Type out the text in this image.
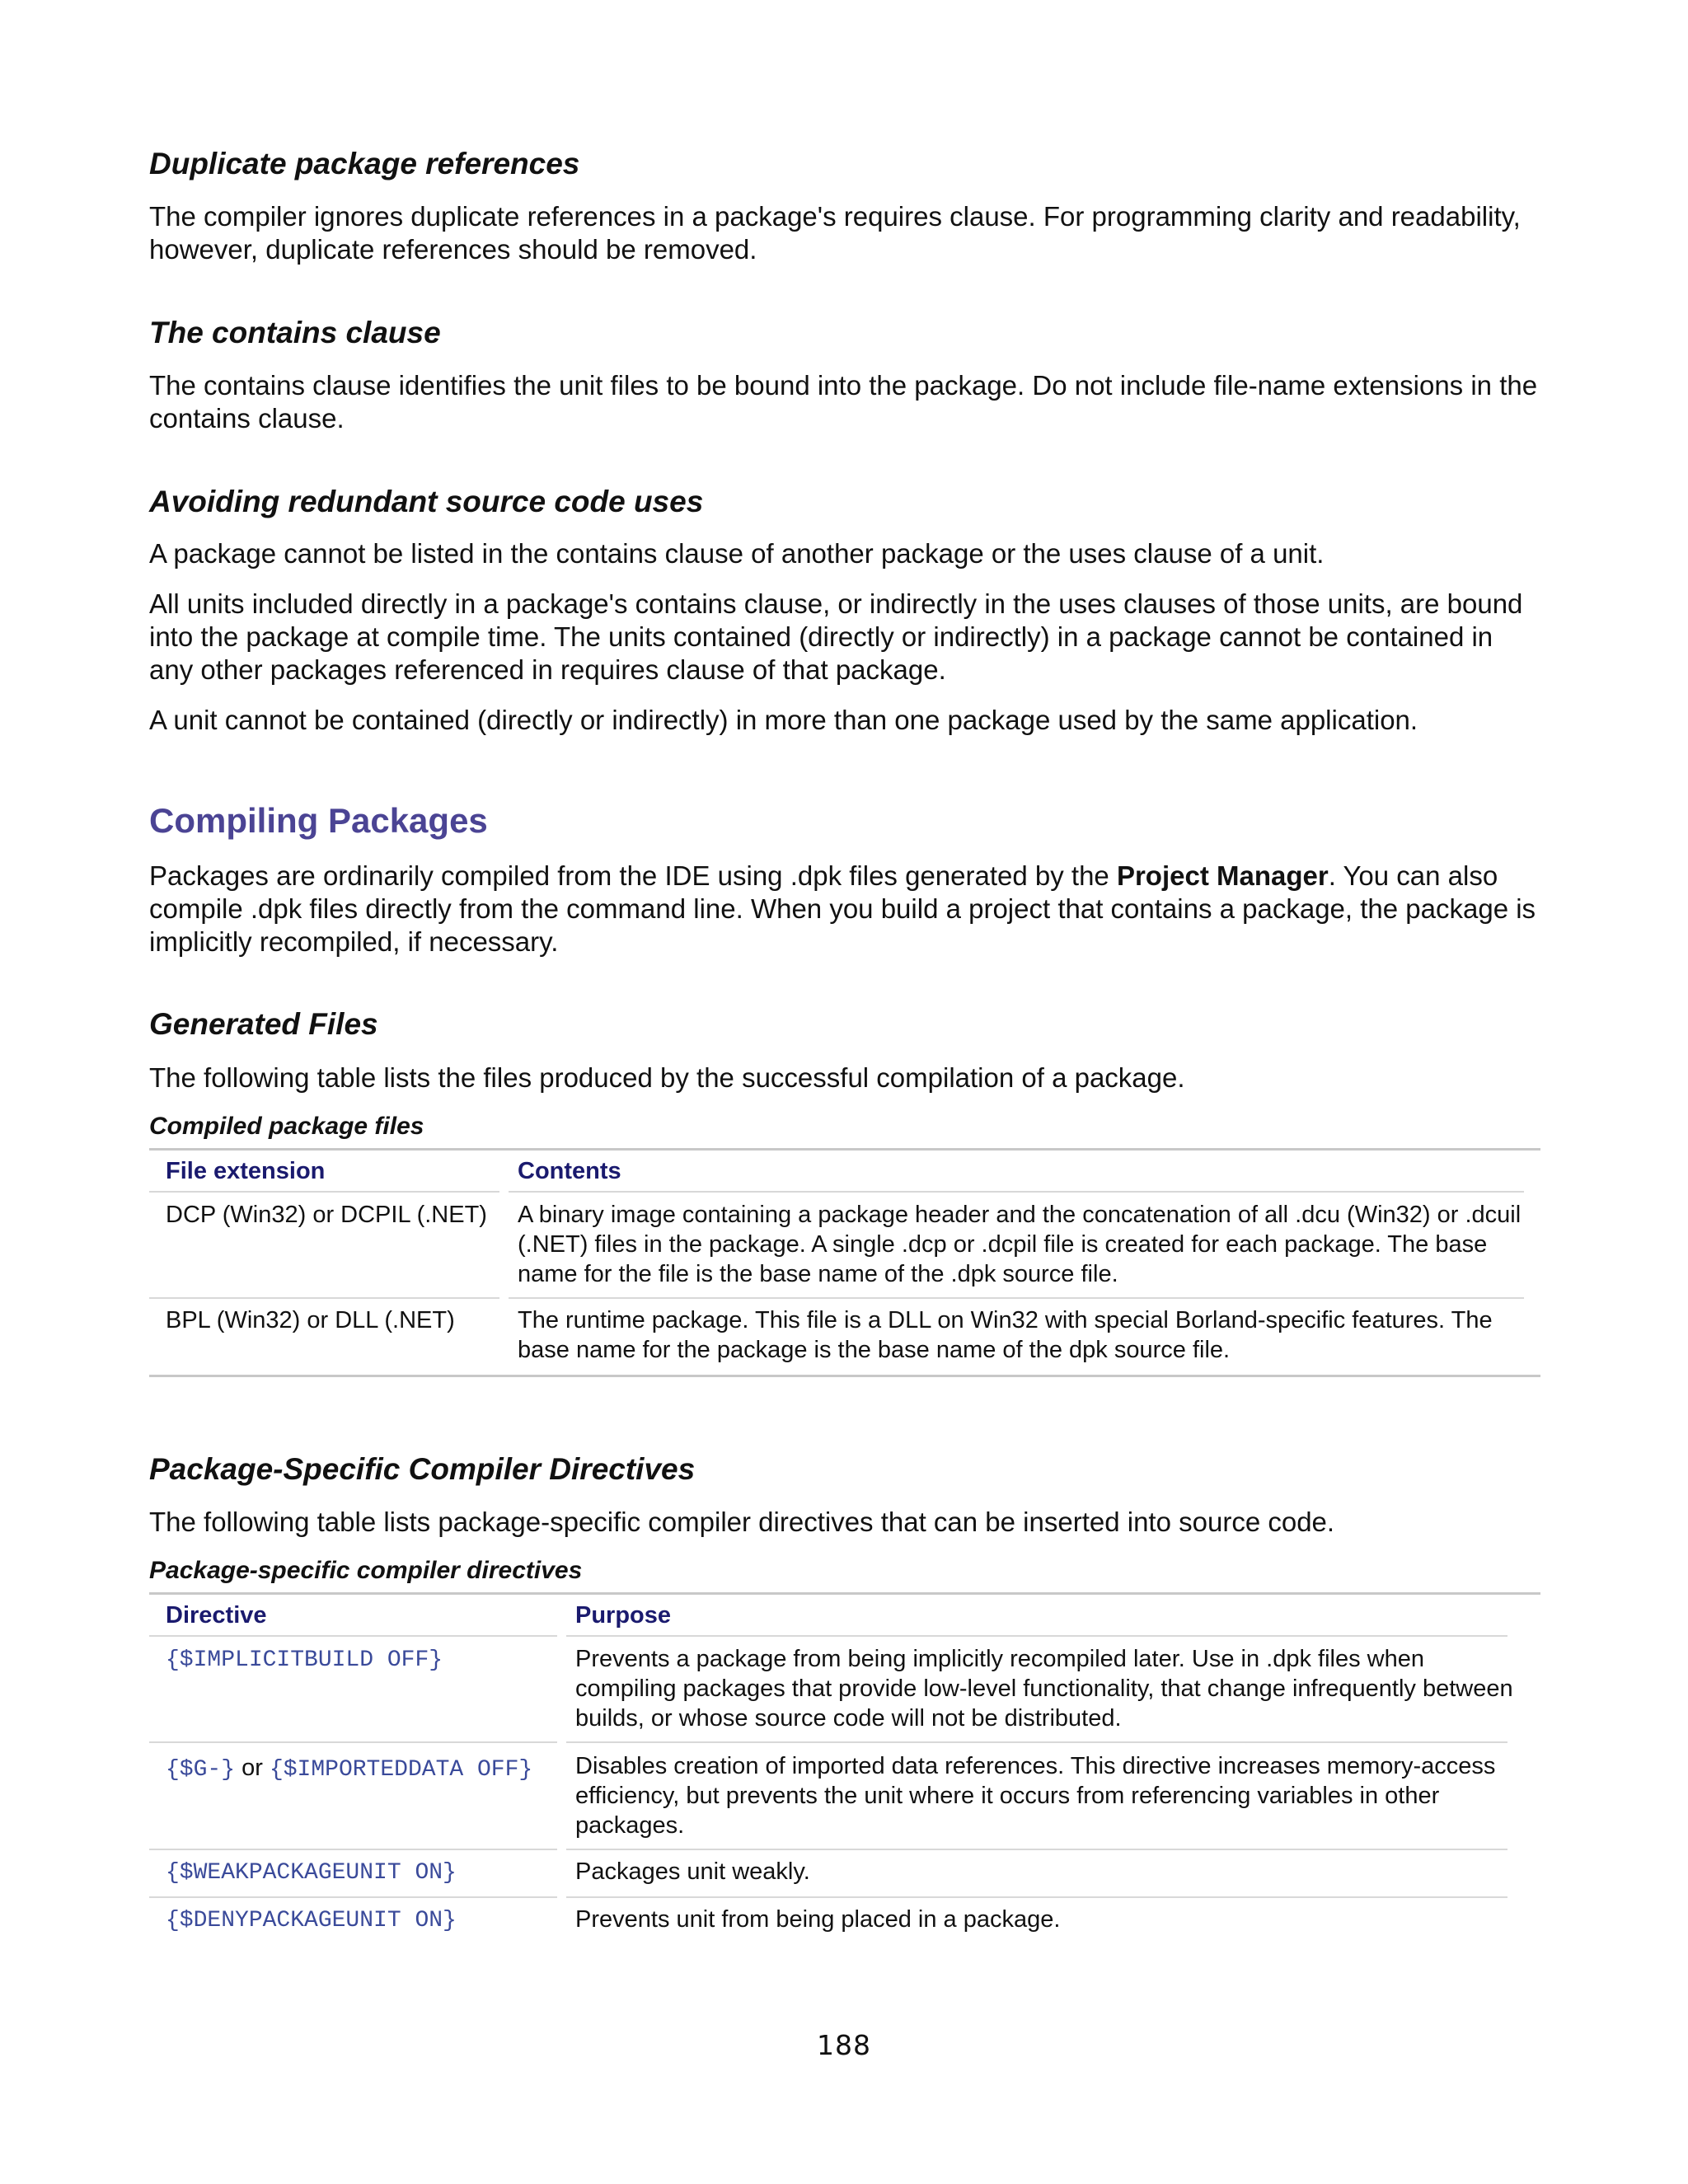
Duplicate package references

The compiler ignores duplicate references in a package's requires clause. For programming clarity and readability, however, duplicate references should be removed.

The contains clause

The contains clause identifies the unit files to be bound into the package. Do not include file-name extensions in the contains clause.

Avoiding redundant source code uses

A package cannot be listed in the contains clause of another package or the uses clause of a unit.

All units included directly in a package's contains clause, or indirectly in the uses clauses of those units, are bound into the package at compile time. The units contained (directly or indirectly) in a package cannot be contained in any other packages referenced in requires clause of that package.

A unit cannot be contained (directly or indirectly) in more than one package used by the same application.

Compiling Packages

Packages are ordinarily compiled from the IDE using .dpk files generated by the Project Manager. You can also compile .dpk files directly from the command line. When you build a project that contains a package, the package is implicitly recompiled, if necessary.

Generated Files

The following table lists the files produced by the successful compilation of a package.

Compiled package files

File extension	Contents
DCP (Win32) or DCPIL (.NET)	A binary image containing a package header and the concatenation of all .dcu (Win32) or .dcuil (.NET) files in the package. A single .dcp or .dcpil file is created for each package. The base name for the file is the base name of the .dpk source file.
BPL (Win32) or DLL (.NET)	The runtime package. This file is a DLL on Win32 with special Borland-specific features. The base name for the package is the base name of the dpk source file.
Package-Specific Compiler Directives

The following table lists package-specific compiler directives that can be inserted into source code.

Package-specific compiler directives

Directive	Purpose
{$IMPLICITBUILD OFF}	Prevents a package from being implicitly recompiled later. Use in .dpk files when compiling packages that provide low-level functionality, that change infrequently between builds, or whose source code will not be distributed.
{$G-} or {$IMPORTEDDATA OFF}	Disables creation of imported data references. This directive increases memory-access efficiency, but prevents the unit where it occurs from referencing variables in other packages.
{$WEAKPACKAGEUNIT ON}	Packages unit weakly.
{$DENYPACKAGEUNIT ON}	Prevents unit from being placed in a package.
188
